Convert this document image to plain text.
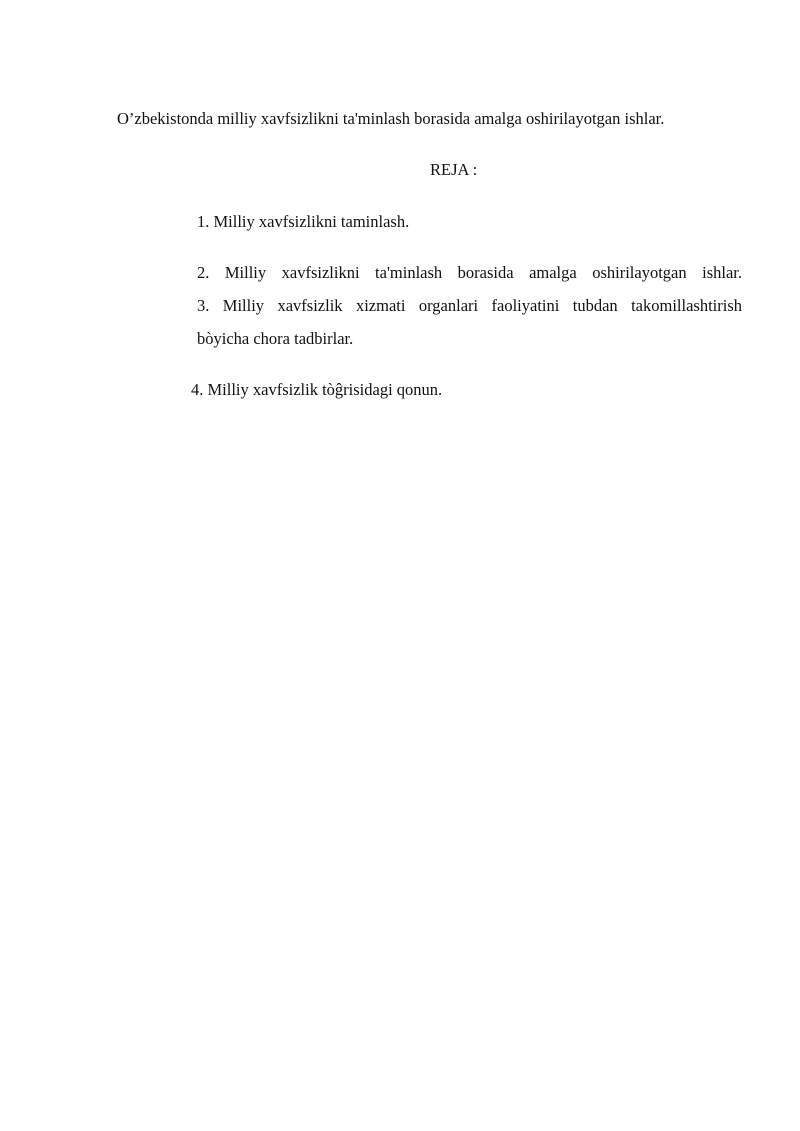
O’zbekistonda milliy xavfsizlikni ta'minlash borasida amalga oshirilayotgan ishlar.
REJA :
1. Milliy xavfsizlikni taminlash.
2. Milliy xavfsizlikni ta'minlash borasida amalga oshirilayotgan ishlar.
3. Milliy xavfsizlik xizmati organlari faoliyatini tubdan takomillashtirish
bòyicha chora tadbirlar.
4. Milliy xavfsizlik tòĝrisidagi qonun.
